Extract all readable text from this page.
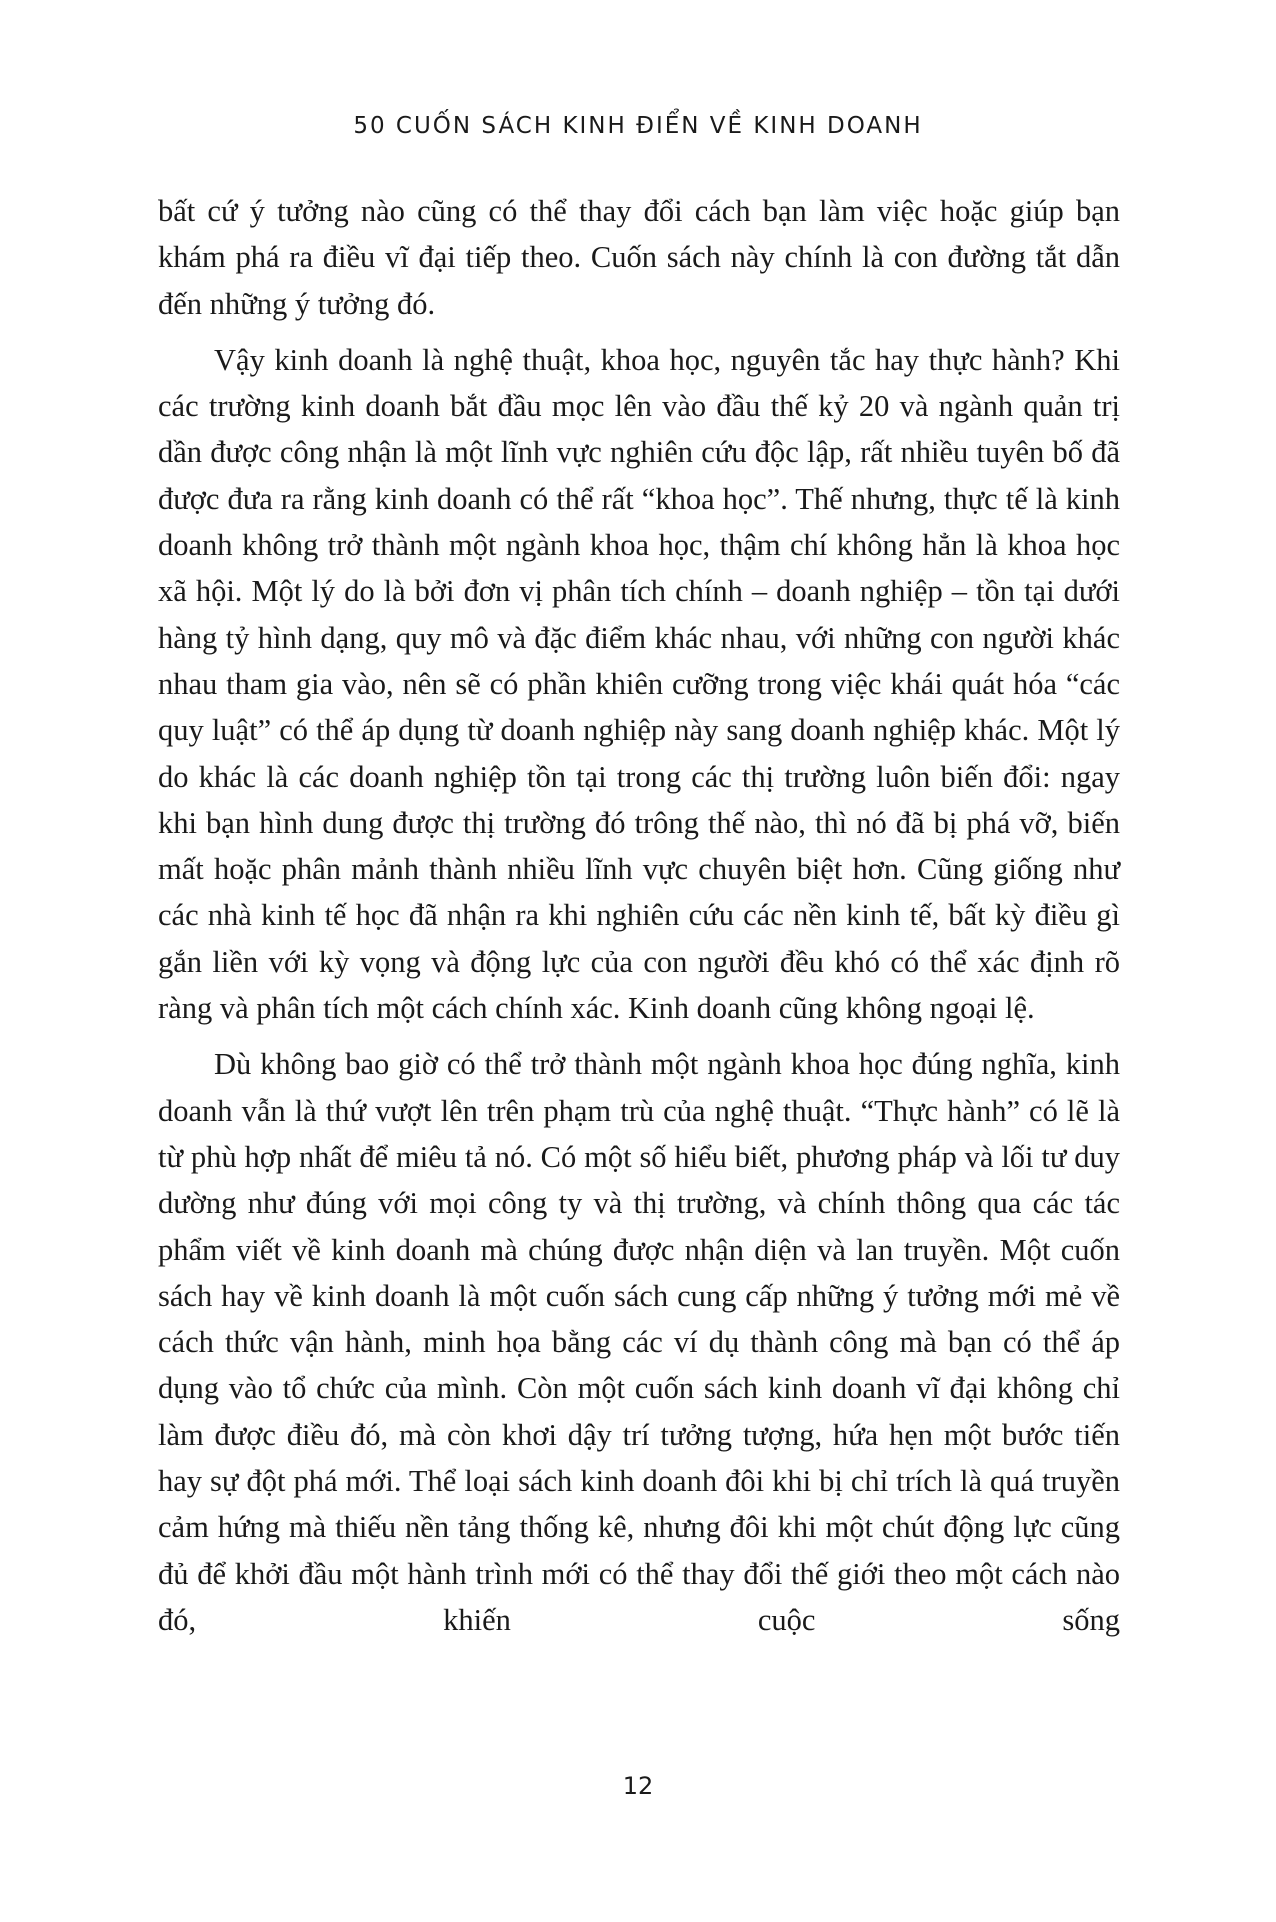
50 CUỐN SÁCH KINH ĐIỂN VỀ KINH DOANH

bất cứ ý tưởng nào cũng có thể thay đổi cách bạn làm việc hoặc giúp bạn khám phá ra điều vĩ đại tiếp theo. Cuốn sách này chính là con đường tắt dẫn đến những ý tưởng đó.

Vậy kinh doanh là nghệ thuật, khoa học, nguyên tắc hay thực hành? Khi các trường kinh doanh bắt đầu mọc lên vào đầu thế kỷ 20 và ngành quản trị dần được công nhận là một lĩnh vực nghiên cứu độc lập, rất nhiều tuyên bố đã được đưa ra rằng kinh doanh có thể rất “khoa học”. Thế nhưng, thực tế là kinh doanh không trở thành một ngành khoa học, thậm chí không hẳn là khoa học xã hội. Một lý do là bởi đơn vị phân tích chính – doanh nghiệp – tồn tại dưới hàng tỷ hình dạng, quy mô và đặc điểm khác nhau, với những con người khác nhau tham gia vào, nên sẽ có phần khiên cưỡng trong việc khái quát hóa “các quy luật” có thể áp dụng từ doanh nghiệp này sang doanh nghiệp khác. Một lý do khác là các doanh nghiệp tồn tại trong các thị trường luôn biến đổi: ngay khi bạn hình dung được thị trường đó trông thế nào, thì nó đã bị phá vỡ, biến mất hoặc phân mảnh thành nhiều lĩnh vực chuyên biệt hơn. Cũng giống như các nhà kinh tế học đã nhận ra khi nghiên cứu các nền kinh tế, bất kỳ điều gì gắn liền với kỳ vọng và động lực của con người đều khó có thể xác định rõ ràng và phân tích một cách chính xác. Kinh doanh cũng không ngoại lệ.

Dù không bao giờ có thể trở thành một ngành khoa học đúng nghĩa, kinh doanh vẫn là thứ vượt lên trên phạm trù của nghệ thuật. “Thực hành” có lẽ là từ phù hợp nhất để miêu tả nó. Có một số hiểu biết, phương pháp và lối tư duy dường như đúng với mọi công ty và thị trường, và chính thông qua các tác phẩm viết về kinh doanh mà chúng được nhận diện và lan truyền. Một cuốn sách hay về kinh doanh là một cuốn sách cung cấp những ý tưởng mới mẻ về cách thức vận hành, minh họa bằng các ví dụ thành công mà bạn có thể áp dụng vào tổ chức của mình. Còn một cuốn sách kinh doanh vĩ đại không chỉ làm được điều đó, mà còn khơi dậy trí tưởng tượng, hứa hẹn một bước tiến hay sự đột phá mới. Thể loại sách kinh doanh đôi khi bị chỉ trích là quá truyền cảm hứng mà thiếu nền tảng thống kê, nhưng đôi khi một chút động lực cũng đủ để khởi đầu một hành trình mới có thể thay đổi thế giới theo một cách nào đó, khiến cuộc sống

12
